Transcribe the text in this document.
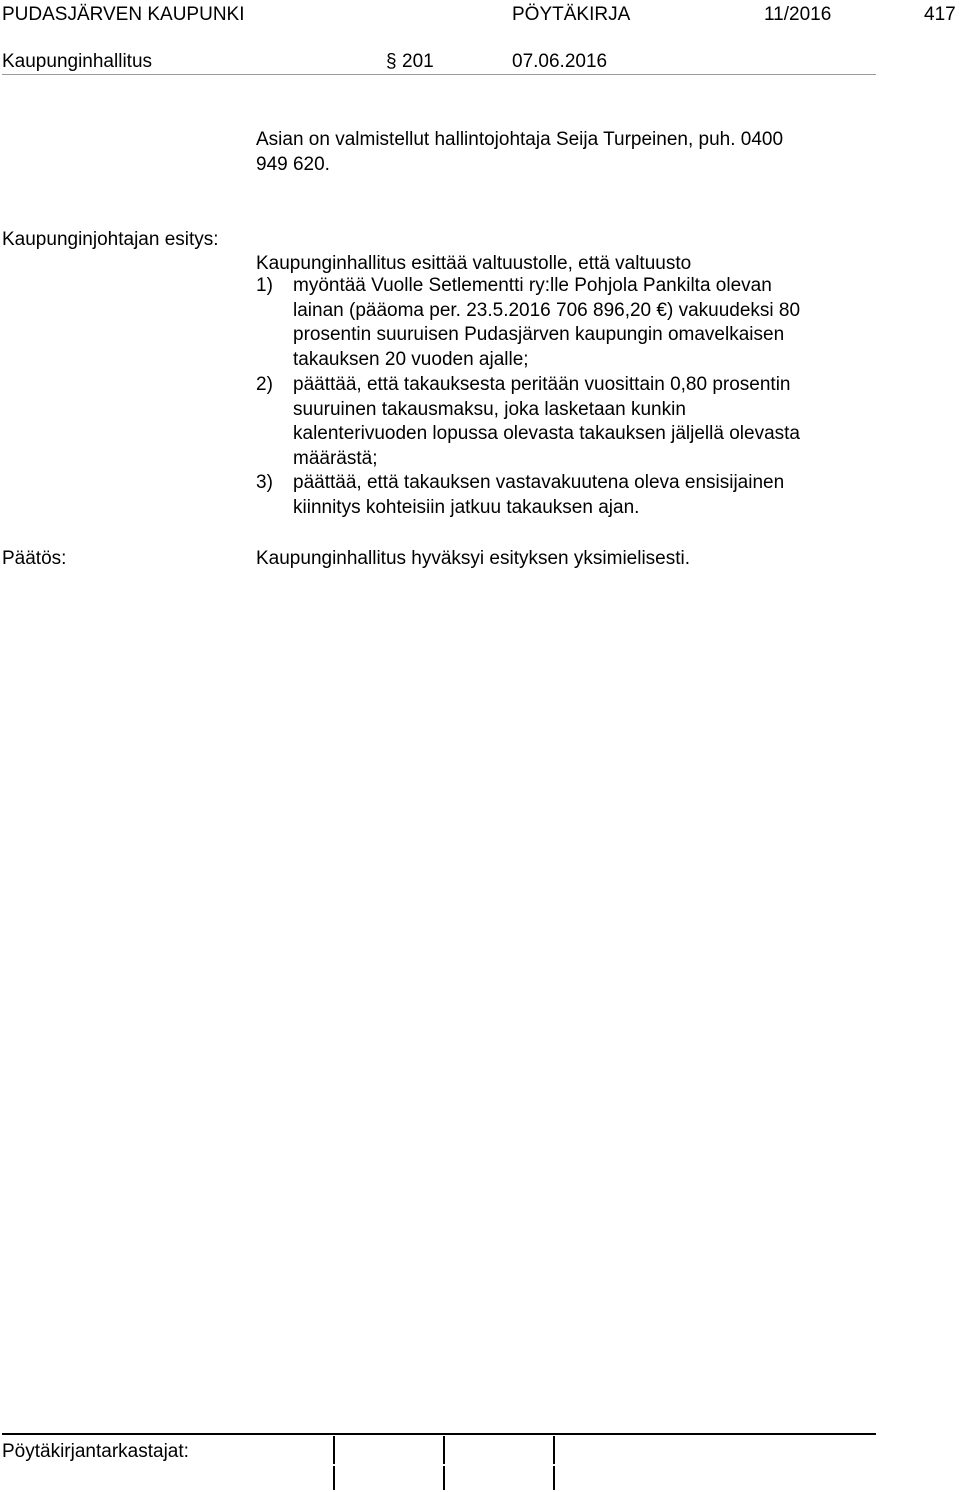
PUDASJÄRVEN KAUPUNKI	PÖYTÄKIRJA	11/2016	417
Kaupunginhallitus	§ 201	07.06.2016
Asian on valmistellut hallintojohtaja Seija Turpeinen, puh. 0400
949 620.
Kaupunginjohtajan esitys:
Kaupunginhallitus esittää valtuustolle, että valtuusto
1) myöntää Vuolle Setlementti ry:lle Pohjola Pankilta olevan
lainan (pääoma per. 23.5.2016 706 896,20 €) vakuudeksi 80
prosentin suuruisen Pudasjärven kaupungin omavelkaisen
takauksen 20 vuoden ajalle;
2) päättää, että takauksesta peritään vuosittain 0,80 prosentin
suuruinen takausmaksu, joka lasketaan kunkin
kalenterivuoden lopussa olevasta takauksen jäljellä olevasta
määrästä;
3) päättää, että takauksen vastavakuutena oleva ensisijainen
kiinnitys kohteisiin jatkuu takauksen ajan.
Päätös:	Kaupunginhallitus hyväksyi esityksen yksimielisesti.
Pöytäkirjantarkastajat:
